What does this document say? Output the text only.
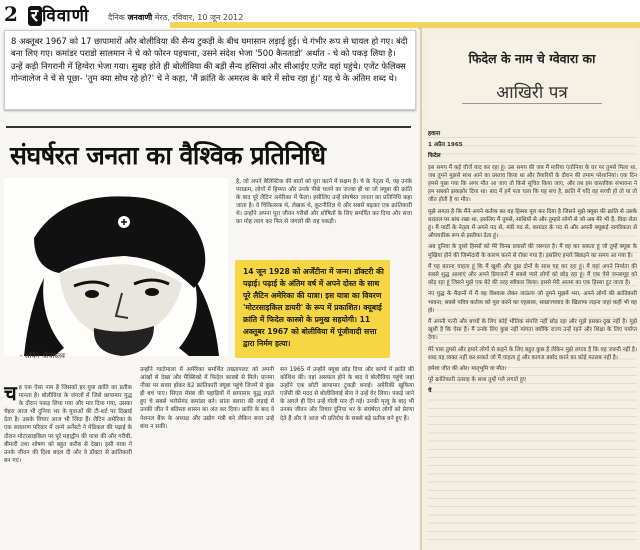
2 र विवाणी दैनिक जनवाणी मेरठ, रविवार, 10 जून 2012
8 अक्तूबर 1967 को 17 छापामारों और बोलीविया की सैन्य टुकड़ी के बीच घमासान लड़ाई हुई। चे गंभीर रूप से घायल हो गए। बंदी बना लिए गए। कमांडर पराडो सालमान ने चे को फोरन पहचाना, उसने संदेश भेजा '500 कैनताडो' अर्थात - चे को पकड़ लिया है। उन्हें कड़ी निगरानी में हिग्वेरा भेजा गया। सुबह होते ही बोलीविया की बड़ी सैन्य हस्तियां और सीआईए एजेंट वहां पहुंचे। एजेंट फेलिक्स गोन्जालेज ने चे से पूछा- 'तुम क्या सोच रहे हो?' चे ने कहा, 'मैं क्रांति के अमरत्व के बारे में सोच रहा हूं।' यह चे के अंतिम शब्द थे।
संघर्षरत जनता का वैश्विक प्रतिनिधि
- सचिन श्रीवास्तव
है, जो अपने बैलिस्टिक की बातों को पूरा करने में सक्षम है। चे के नेतृत्व में, यह उनके पराक्रम, लोगों में हिम्मत और उनके पीछे चलने का जज्बा ही था जो क्यूबा की क्रांति के बाद पूरे लैटिन अमेरिका में फैला। इसीलिए उन्हें संघर्षरत जनता का प्रतिनिधि कहा जाता है। वे चिकित्सक थे, लेखक थे, कूटनीतिज्ञ थे और सबसे बढ़कर एक क्रांतिकारी थे। उन्होंने अपना पूरा जीवन गरीबों और शोषितों के लिए समर्पित कर दिया और सत्ता का मोह त्याग कर फिर से जंगलों की राह पकड़ी।
14 जून 1928 को अर्जेंटीना में जन्म। डॉक्टरी की पढ़ाई। पढ़ाई के अंतिम वर्ष में अपने दोस्त के साथ पूरे लैटिन अमेरिका की यात्रा। इस यात्रा का विवरण 'मोटरसाइकिल डायरी' के रूप में प्रकाशित। क्यूबाई क्रांति में फिदेल कास्त्रो के प्रमुख सहयोगी। 11 अक्तूबर 1967 को बोलीविया में पूंजीवादी सत्ता द्वारा निर्मम हत्या।
चह एक ऐसा नाम है जिसको हर युवा क्रांति का प्रतीक मानता है। बोलीविया के जंगलों में जिसे छापामार युद्ध के दौरान पकड़ लिया गया और मार दिया गया, उसका चेहरा आज भी दुनिया भर के युवाओं की टी-शर्ट पर दिखाई देता है। उसके विचार आज भी जिंदा हैं। लैटिन अमेरिका के एक साधारण परिवार में जन्मे अर्नेस्टो ने मेडिकल की पढ़ाई के दौरान मोटरसाइकिल पर पूरे महाद्वीप की यात्रा की और गरीबी, बीमारी तथा शोषण को बहुत करीब से देखा। इसी यात्रा ने उनके जीवन की दिशा बदल दी और वे डॉक्टर से क्रांतिकारी बन गए।
उन्होंने ग्वाटेमाला में अमेरिका समर्थित तख्तापलट को अपनी आंखों से देखा और मैक्सिको में फिदेल कास्त्रो से मिले। ग्रानमा नौका पर सवार होकर 82 क्रांतिकारी क्यूबा पहुंचे जिनमें से कुछ ही बच पाए। सिएरा मेस्त्रा की पहाड़ियों में छापामार युद्ध लड़ते हुए चे सबसे भरोसेमंद कमांडर बने। सांता क्लारा की लड़ाई में उनकी जीत ने बतिस्ता शासन का अंत कर दिया। क्रांति के बाद वे नेशनल बैंक के अध्यक्ष और उद्योग मंत्री बने लेकिन सत्ता उन्हें बांध न सकी।
सन 1965 में उन्होंने क्यूबा छोड़ दिया और कांगो में क्रांति की कोशिश की। वहां असफल होने के बाद वे बोलीविया पहुंचे जहां उन्होंने एक छोटी छापामार टुकड़ी बनाई। अमेरिकी खुफिया एजेंसी की मदद से बोलीवियाई सेना ने उन्हें घेर लिया। पकड़े जाने के अगले ही दिन उन्हें गोली मार दी गई। उनकी मृत्यु के बाद भी उनका जीवन और विचार दुनिया भर के संघर्षरत लोगों को प्रेरणा देते हैं और वे आज भी प्रतिरोध के सबसे बड़े प्रतीक बने हुए हैं।
फिदेल के नाम चे ग्वेवारा का
आखिरी पत्र

हवाना

1 अप्रैल 1965

फिदेल

इस समय मैं कई चीजें याद कर रहा हूं। उस समय की जब मैं मारिया एंतोनिया के घर पर तुमसे मिला था, जब तुमने मुझसे साथ आने का प्रस्ताव किया था और तैयारियों के दौरान की तमाम परेशानियां। एक दिन हमसे पूछा गया कि अगर मौत आ जाए तो किसे सूचित किया जाए, और तब इस वास्तविक संभावना ने हम सबको झकझोर दिया था। बाद में हमें पता चला कि यह सच है, क्रांति में यदि वह सच्ची हो तो या तो जीत होती है या मौत।

मुझे लगता है कि मैंने अपने कर्तव्य का वह हिस्सा पूरा कर दिया है जिसने मुझे क्यूबा की क्रांति से उसके धरातल पर बांध रखा था, इसलिए मैं तुमसे, साथियों से और तुम्हारे लोगों से जो अब मेरे भी हैं, विदा लेता हूं। मैं पार्टी के नेतृत्व में अपने पद से, मंत्री पद से, कमांडर के पद से और अपनी क्यूबाई नागरिकता से औपचारिक रूप से इस्तीफा देता हूं।

अब दुनिया के दूसरे हिस्सों को मेरे विनम्र प्रयासों की जरूरत है। मैं वह कर सकता हूं जो तुम्हें क्यूबा के मुखिया होने की जिम्मेदारी के कारण करने से रोका गया है। इसलिए हमारे बिछड़ने का समय आ गया है।

मैं यह बताना चाहता हूं कि मैं खुशी और दुख दोनों के साथ यह कर रहा हूं। मैं यहां अपने निर्माता की सबसे शुद्ध आशाएं और अपने प्रियजनों में सबसे प्यारे लोगों को छोड़ रहा हूं। मैं एक ऐसे जनसमूह को छोड़ रहा हूं जिसने मुझे एक बेटे की तरह स्वीकार किया। इससे मेरी आत्मा का एक हिस्सा टूट जाता है।

नए युद्ध के मैदानों में मैं वह विश्वास लेकर जाऊंगा जो तुमने मुझमें भरा, अपने लोगों की क्रांतिकारी भावना, सबसे पवित्र कर्तव्य को पूरा करने का एहसास, साम्राज्यवाद के खिलाफ लड़ना जहां कहीं भी वह हो।

मैं अपनी पत्नी और बच्चों के लिए कोई भौतिक संपत्ति नहीं छोड़ रहा और मुझे इसका दुख नहीं है। मुझे खुशी है कि ऐसा है। मैं उनके लिए कुछ नहीं मांगता क्योंकि राज्य उन्हें रहने और शिक्षा के लिए पर्याप्त देगा।

मेरे पास तुमसे और हमारे लोगों से कहने के लिए बहुत कुछ है लेकिन मुझे लगता है कि यह जरूरी नहीं है। शब्द वह व्यक्त नहीं कर सकते जो मैं चाहता हूं और कागज बर्बाद करने का कोई मतलब नहीं है।

हमेशा जीत की ओर। मातृभूमि या मौत।

पूरे क्रांतिकारी उत्साह के साथ तुम्हें गले लगाते हुए

चे
